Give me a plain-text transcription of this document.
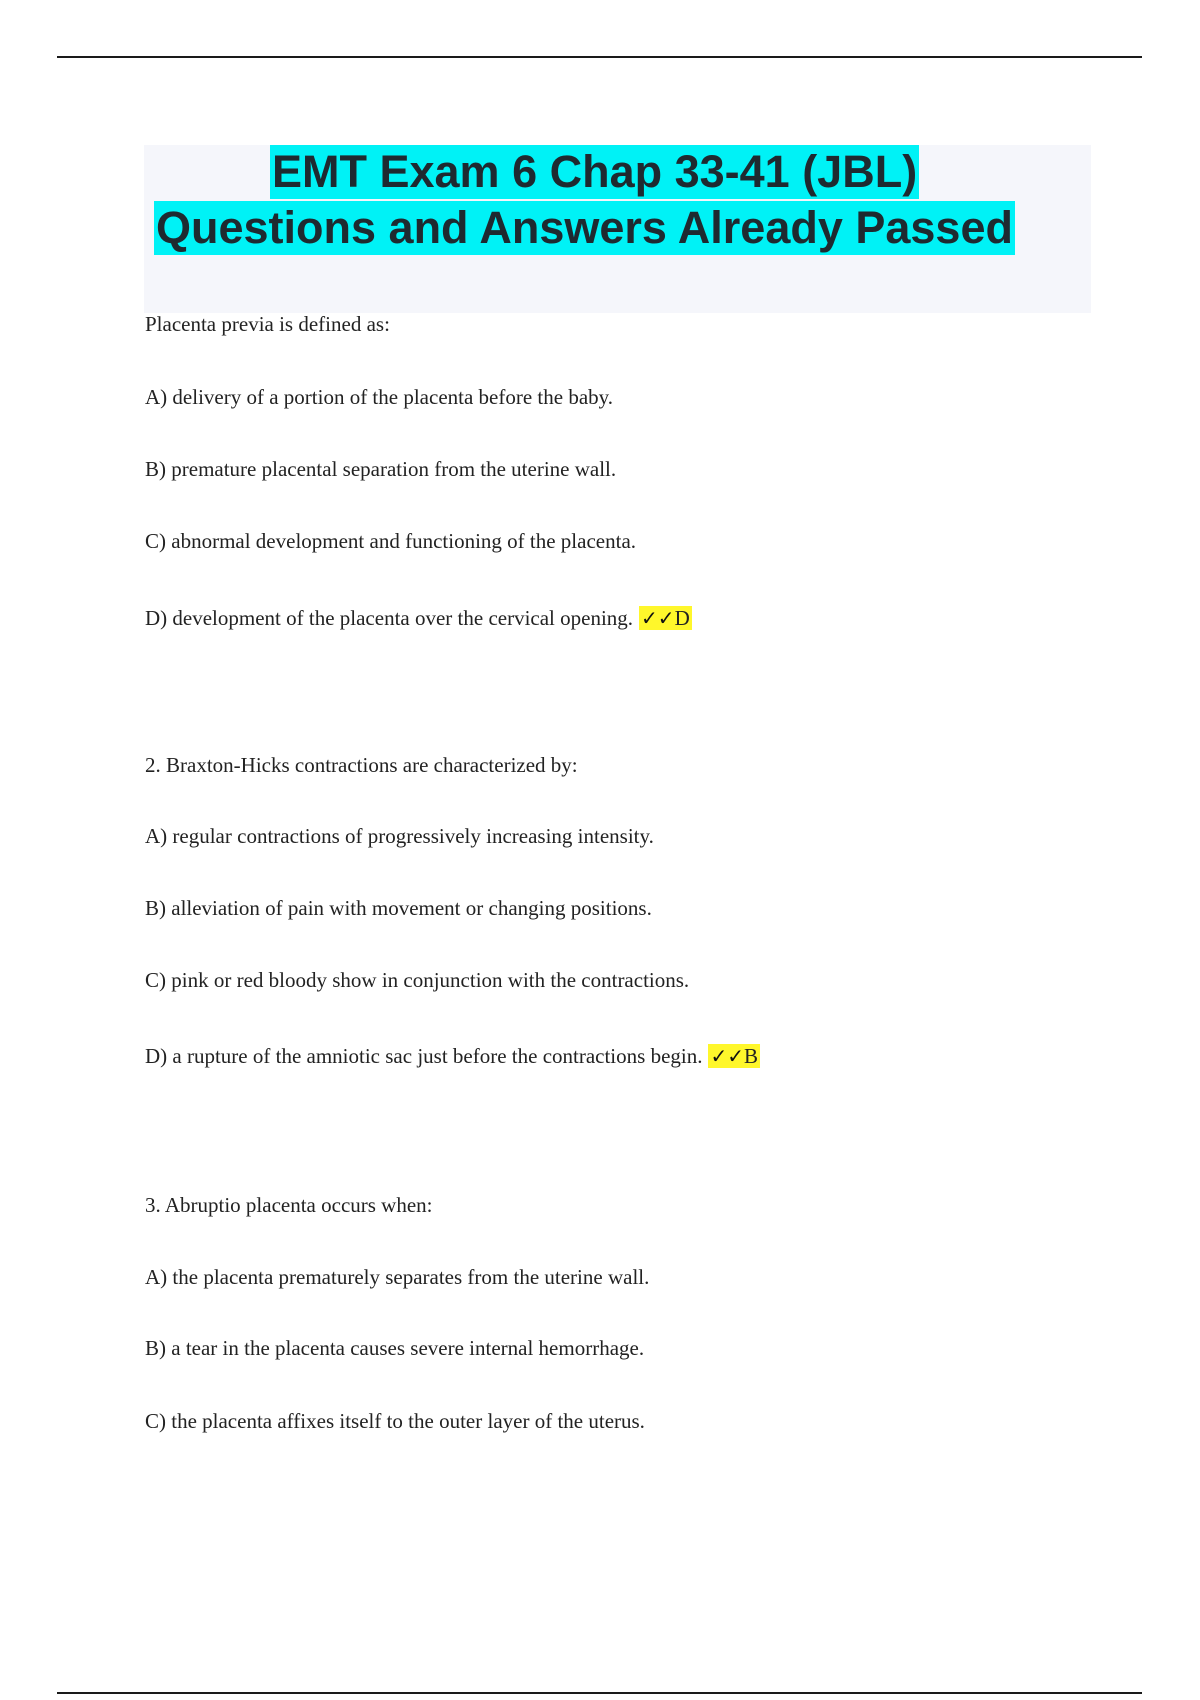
EMT Exam 6 Chap 33-41 (JBL)
Questions and Answers Already Passed
Placenta previa is defined as:
A) delivery of a portion of the placenta before the baby.
B) premature placental separation from the uterine wall.
C) abnormal development and functioning of the placenta.
D) development of the placenta over the cervical opening. ✓✓D
2. Braxton-Hicks contractions are characterized by:
A) regular contractions of progressively increasing intensity.
B) alleviation of pain with movement or changing positions.
C) pink or red bloody show in conjunction with the contractions.
D) a rupture of the amniotic sac just before the contractions begin. ✓✓B
3. Abruptio placenta occurs when:
A) the placenta prematurely separates from the uterine wall.
B) a tear in the placenta causes severe internal hemorrhage.
C) the placenta affixes itself to the outer layer of the uterus.
